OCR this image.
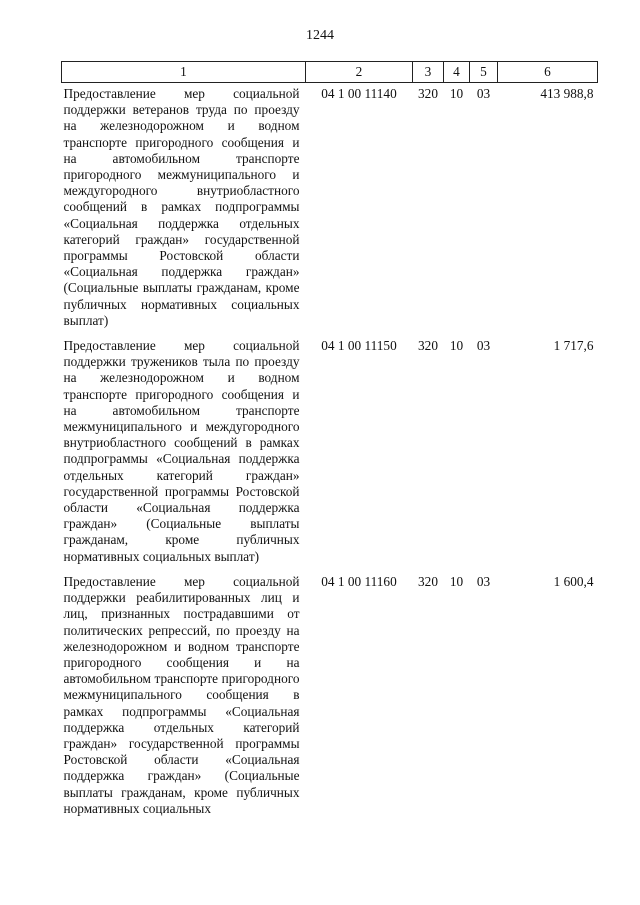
1244
1	2	3	4	5	6
Предоставление мер социальной поддержки ветеранов труда по проезду на железнодорожном и водном транспорте пригородного сообщения и на автомобильном транспорте пригородного межмуниципального и междугородного внутриобластного сообщений в рамках подпрограммы «Социальная поддержка отдельных категорий граждан» государственной программы Ростовской области «Социальная поддержка граждан» (Социальные выплаты гражданам, кроме публичных нормативных социальных выплат)	04 1 00 11140	320	10	03	413 988,8
Предоставление мер социальной поддержки тружеников тыла по проезду на железнодорожном и водном транспорте пригородного сообщения и на автомобильном транспорте межмуниципального и междугородного внутриобластного сообщений в рамках подпрограммы «Социальная поддержка отдельных категорий граждан» государственной программы Ростовской области «Социальная поддержка граждан» (Социальные выплаты гражданам, кроме публичных нормативных социальных выплат)	04 1 00 11150	320	10	03	1 717,6
Предоставление мер социальной поддержки реабилитированных лиц и лиц, признанных пострадавшими от политических репрессий, по проезду на железнодорожном и водном транспорте пригородного сообщения и на автомобильном транспорте пригородного межмуниципального сообщения в рамках подпрограммы «Социальная поддержка отдельных категорий граждан» государственной программы Ростовской области «Социальная поддержка граждан» (Социальные выплаты гражданам, кроме публичных нормативных социальных	04 1 00 11160	320	10	03	1 600,4
